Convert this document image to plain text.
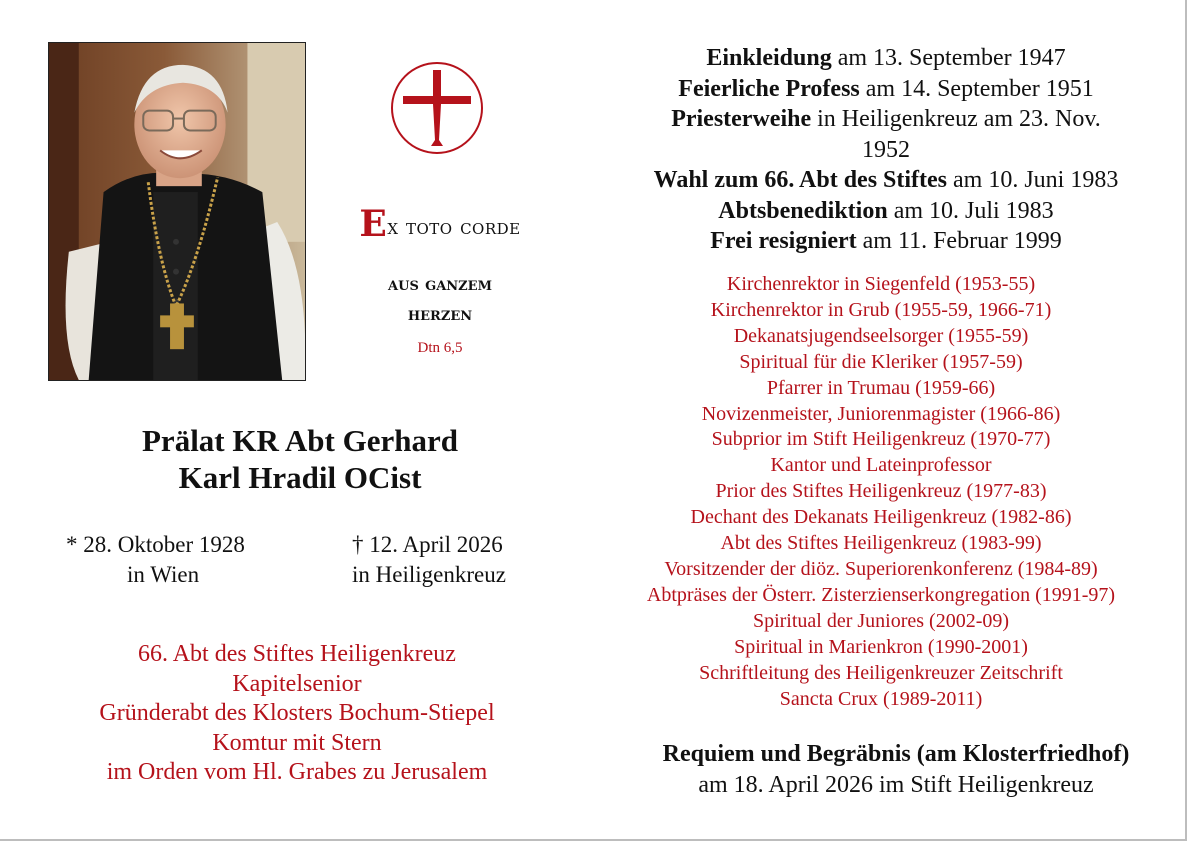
Ex toto corde
aus ganzem
herzen
Dtn 6,5
Prälat KR Abt Gerhard
Karl Hradil OCist
* 28. Oktober 1928
in Wien
† 12. April 2026
in Heiligenkreuz
66. Abt des Stiftes Heiligenkreuz
Kapitelsenior
Gründerabt des Klosters Bochum-Stiepel
Komtur mit Stern
im Orden vom Hl. Grabes zu Jerusalem
Einkleidung am 13. September 1947
Feierliche Profess am 14. September 1951
Priesterweihe in Heiligenkreuz am 23. Nov.
1952
Wahl zum 66. Abt des Stiftes am 10. Juni 1983
Abtsbenediktion am 10. Juli 1983
Frei resigniert am 11. Februar 1999
Kirchenrektor in Siegenfeld (1953-55)
Kirchenrektor in Grub (1955-59, 1966-71)
Dekanatsjugendseelsorger (1955-59)
Spiritual für die Kleriker (1957-59)
Pfarrer in Trumau (1959-66)
Novizenmeister, Juniorenmagister (1966-86)
Subprior im Stift Heiligenkreuz (1970-77)
Kantor und Lateinprofessor
Prior des Stiftes Heiligenkreuz (1977-83)
Dechant des Dekanats Heiligenkreuz (1982-86)
Abt des Stiftes Heiligenkreuz (1983-99)
Vorsitzender der diöz. Superiorenkonferenz (1984-89)
Abtpräses der Österr. Zisterzienserkongregation (1991-97)
Spiritual der Juniores (2002-09)
Spiritual in Marienkron (1990-2001)
Schriftleitung des Heiligenkreuzer Zeitschrift
Sancta Crux (1989-2011)
Requiem und Begräbnis (am Klosterfriedhof)
am 18. April 2026 im Stift Heiligenkreuz
